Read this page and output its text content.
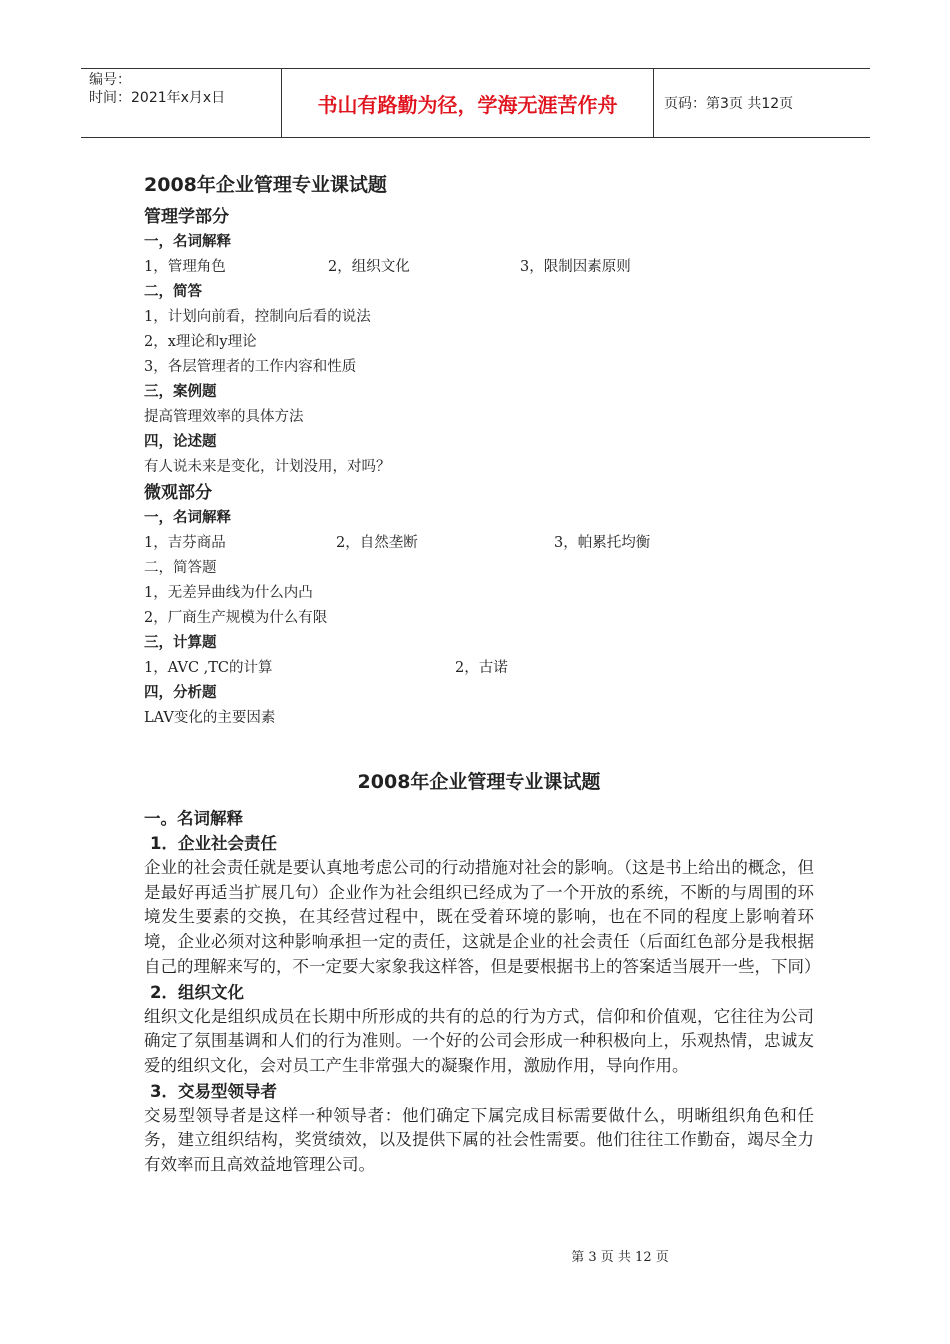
编号：
时间：2021年x月x日	书山有路勤为径，学海无涯苦作舟	页码：第3页 共12页
2008年企业管理专业课试题
管理学部分
一，名词解释
1，管理角色	2，组织文化	3，限制因素原则
二，简答
1，计划向前看，控制向后看的说法
2，x理论和y理论
3，各层管理者的工作内容和性质
三，案例题
提高管理效率的具体方法
四，论述题
有人说未来是变化，计划没用，对吗？
微观部分
一，名词解释
1，吉芬商品	2，自然垄断	3，帕累托均衡
二，简答题
1，无差异曲线为什么内凸
2，厂商生产规模为什么有限
三，计算题
1，AVC ,TC的计算	2，古诺
四，分析题
LAV变化的主要因素
2008年企业管理专业课试题
一。名词解释
1．企业社会责任

企业的社会责任就是要认真地考虑公司的行动措施对社会的影响。（这是书上给出的概念，但是最好再适当扩展几句）企业作为社会组织已经成为了一个开放的系统，不断的与周围的环境发生要素的交换，在其经营过程中，既在受着环境的影响，也在不同的程度上影响着环境，企业必须对这种影响承担一定的责任，这就是企业的社会责任（后面红色部分是我根据自己的理解来写的，不一定要大家象我这样答，但是要根据书上的答案适当展开一些，下同）

2．组织文化

组织文化是组织成员在长期中所形成的共有的总的行为方式，信仰和价值观，它往往为公司确定了氛围基调和人们的行为准则。一个好的公司会形成一种积极向上，乐观热情，忠诚友爱的组织文化，会对员工产生非常强大的凝聚作用，激励作用，导向作用。

3．交易型领导者

交易型领导者是这样一种领导者：他们确定下属完成目标需要做什么，明晰组织角色和任务，建立组织结构，奖赏绩效，以及提供下属的社会性需要。他们往往工作勤奋，竭尽全力有效率而且高效益地管理公司。

第 3 页 共 12 页
